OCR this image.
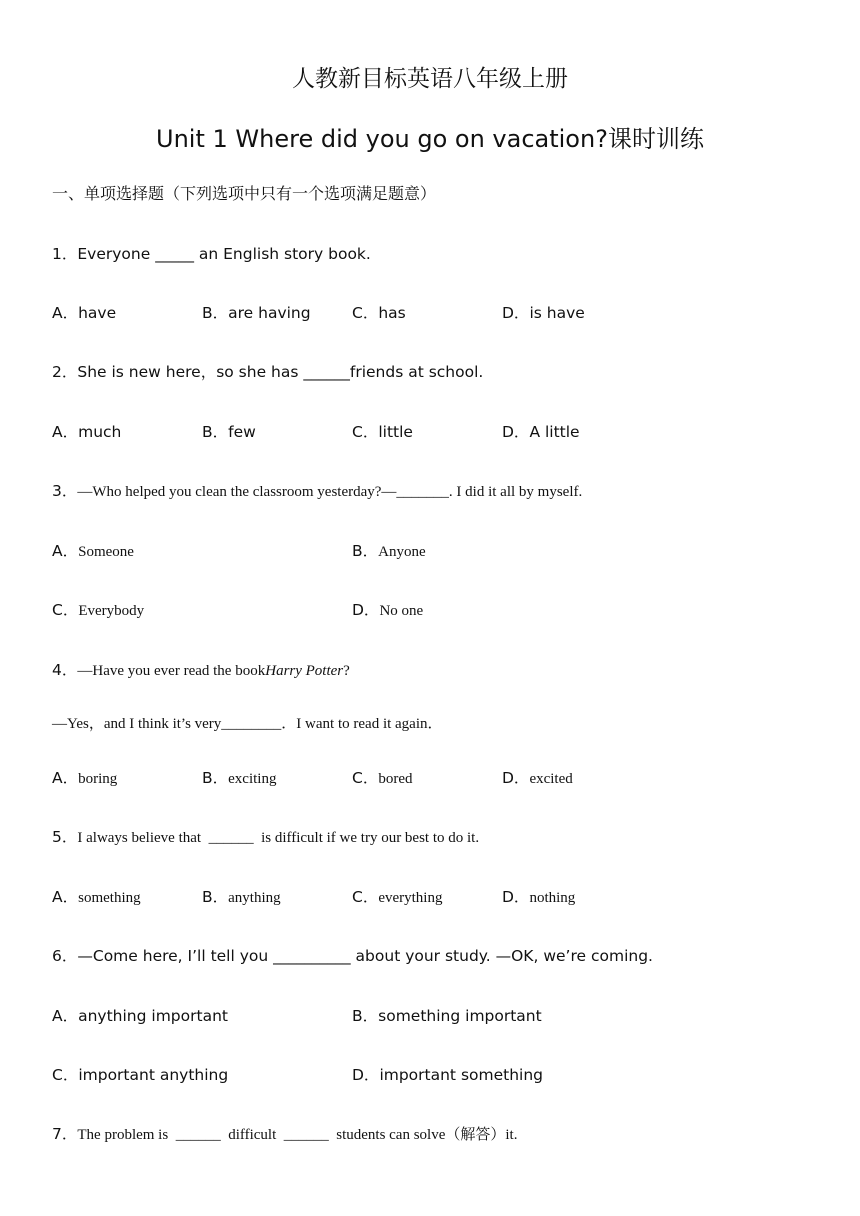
人教新目标英语八年级上册
Unit 1 Where did you go on vacation?课时训练
一、单项选择题（下列选项中只有一个选项满足题意）
1．Everyone _____ an English story book.
A．have	B．are having	C．has	D．is have
2．She is new here，so she has ______friends at school.
A．much	B．few	C．little	D．A little
3．—Who helped you clean the classroom yesterday?—_______. I did it all by myself.
A．Someone	B．Anyone
C．Everybody	D．No one
4．—Have you ever read the bookHarry Potter?
—Yes，and I think it’s very________．I want to read it again．
A．boring	B．exciting	C．bored	D．excited
5．I always believe that  ______  is difficult if we try our best to do it.
A．something	B．anything	C．everything	D．nothing
6．—Come here, I’ll tell you __________ about your study. —OK, we’re coming.
A．anything important	B．something important
C．important anything	D．important something
7．The problem is  ______  difficult  ______  students can solve（解答）it.
